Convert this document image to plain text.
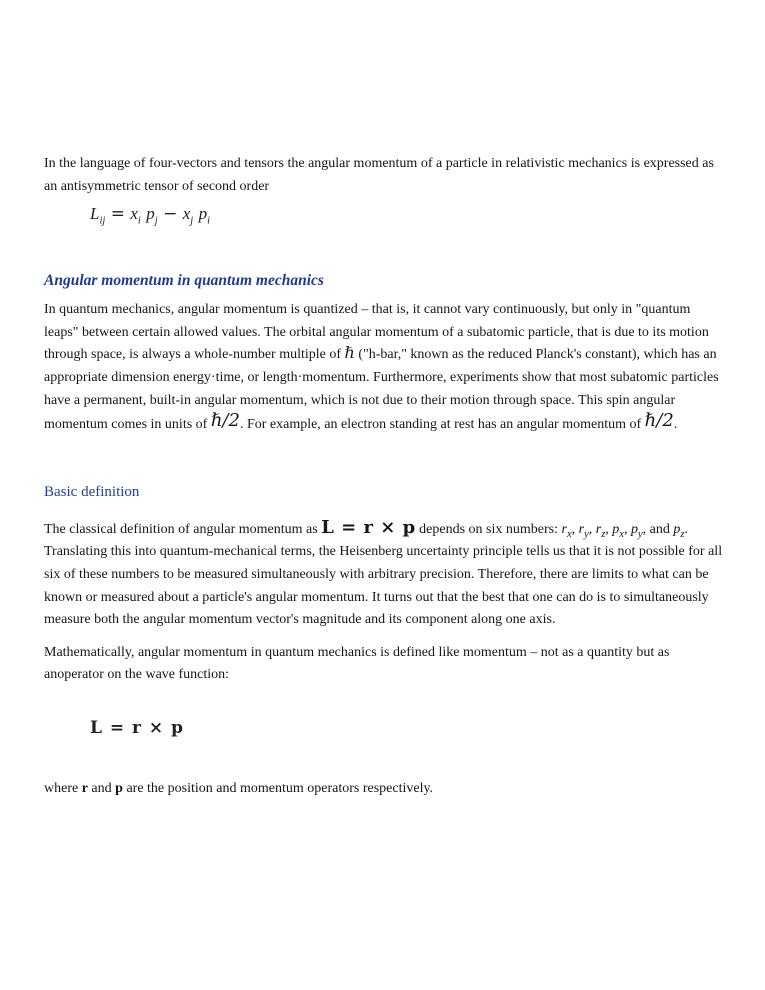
In the language of four-vectors and tensors the angular momentum of a particle in relativistic mechanics is expressed as an antisymmetric tensor of second order

$L_{ij} = x_i$ $p_j - x_j$ $p_i$
Angular momentum in quantum mechanics

In quantum mechanics, angular momentum is quantized – that is, it cannot vary continuously, but only in "quantum leaps" between certain allowed values. The orbital angular momentum of a subatomic particle, that is due to its motion through space, is always a whole-number multiple of ℏ ("h-bar," known as the reduced Planck's constant), which has an appropriate dimension energy·time, or length·momentum. Furthermore, experiments show that most subatomic particles have a permanent, built-in angular momentum, which is not due to their motion through space. This spin angular momentum comes in units of ℏ/2. For example, an electron standing at rest has an angular momentum of ℏ/2.

Basic definition

The classical definition of angular momentum as L = r × p depends on six numbers: $r_x$, $r_y$, $r_z$, $p_x$, $p_y$, and $p_z$. Translating this into quantum-mechanical terms, the Heisenberg uncertainty principle tells us that it is not possible for all six of these numbers to be measured simultaneously with arbitrary precision. Therefore, there are limits to what can be known or measured about a particle's angular momentum. It turns out that the best that one can do is to simultaneously measure both the angular momentum vector's magnitude and its component along one axis.

Mathematically, angular momentum in quantum mechanics is defined like momentum – not as a quantity but as anoperator on the wave function:

L = r × p

where r and p are the position and momentum operators respectively.
